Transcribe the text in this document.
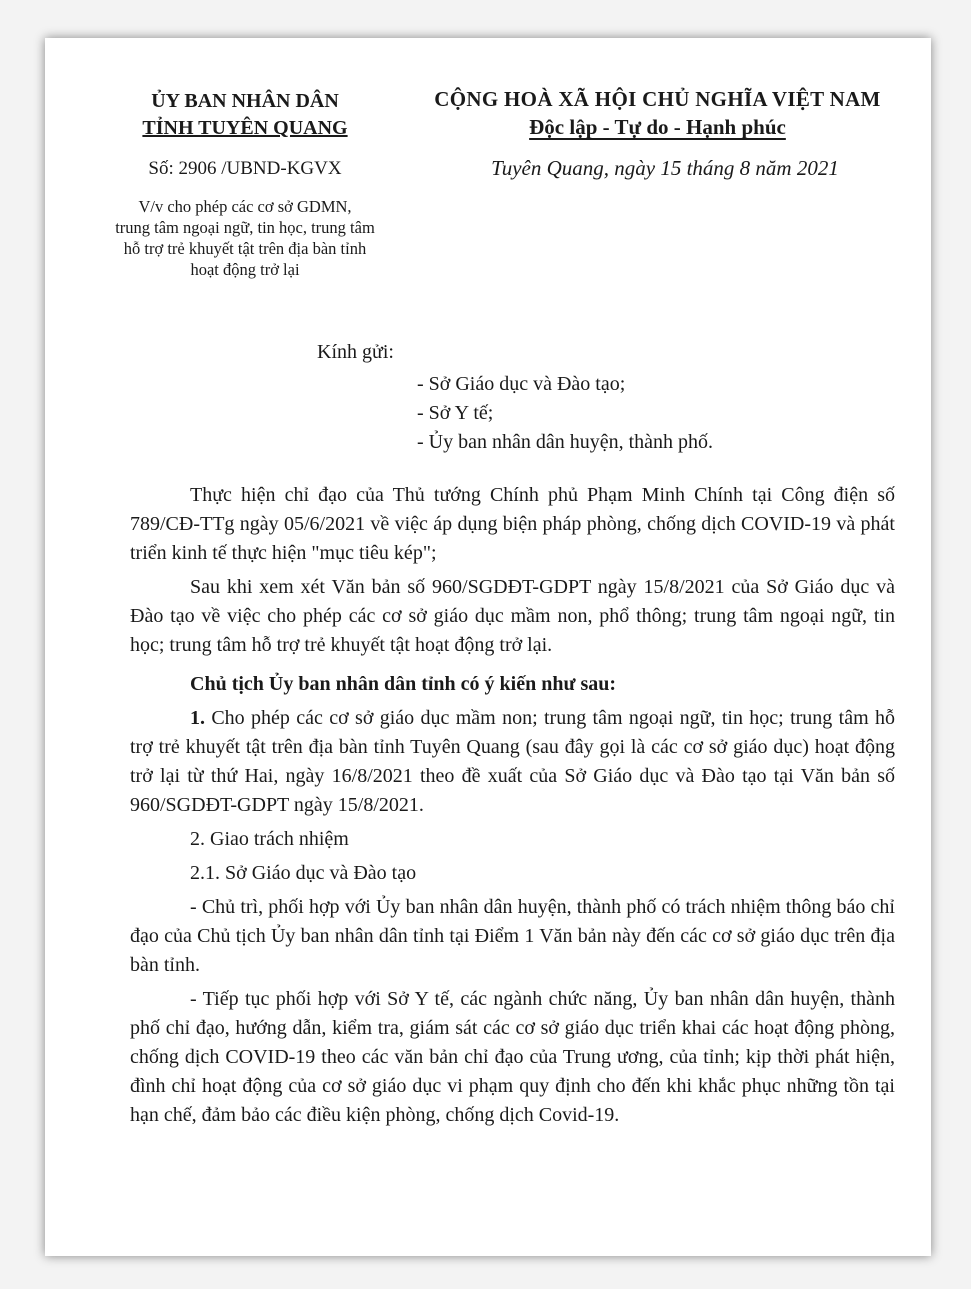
ỦY BAN NHÂN DÂN
TỈNH TUYÊN QUANG
CỘNG HOÀ XÃ HỘI CHỦ NGHĨA VIỆT NAM
Độc lập - Tự do - Hạnh phúc
Số: 2906 /UBND-KGVX	Tuyên Quang, ngày 15 tháng 8 năm 2021
V/v cho phép các cơ sở GDMN,
trung tâm ngoại ngữ, tin học, trung tâm
hỗ trợ trẻ khuyết tật trên địa bàn tỉnh
hoạt động trở lại
Kính gửi:
- Sở Giáo dục và Đào tạo;
- Sở Y tế;
- Ủy ban nhân dân huyện, thành phố.

Thực hiện chỉ đạo của Thủ tướng Chính phủ Phạm Minh Chính tại Công điện số 789/CĐ-TTg ngày 05/6/2021 về việc áp dụng biện pháp phòng, chống dịch COVID-19 và phát triển kinh tế thực hiện "mục tiêu kép";

Sau khi xem xét Văn bản số 960/SGDĐT-GDPT ngày 15/8/2021 của Sở Giáo dục và Đào tạo về việc cho phép các cơ sở giáo dục mầm non, phổ thông; trung tâm ngoại ngữ, tin học; trung tâm hỗ trợ trẻ khuyết tật hoạt động trở lại.

Chủ tịch Ủy ban nhân dân tỉnh có ý kiến như sau:

1. Cho phép các cơ sở giáo dục mầm non; trung tâm ngoại ngữ, tin học; trung tâm hỗ trợ trẻ khuyết tật trên địa bàn tỉnh Tuyên Quang (sau đây gọi là các cơ sở giáo dục) hoạt động trở lại từ thứ Hai, ngày 16/8/2021 theo đề xuất của Sở Giáo dục và Đào tạo tại Văn bản số 960/SGDĐT-GDPT ngày 15/8/2021.

2. Giao trách nhiệm

2.1. Sở Giáo dục và Đào tạo

- Chủ trì, phối hợp với Ủy ban nhân dân huyện, thành phố có trách nhiệm thông báo chỉ đạo của Chủ tịch Ủy ban nhân dân tỉnh tại Điểm 1 Văn bản này đến các cơ sở giáo dục trên địa bàn tỉnh.

- Tiếp tục phối hợp với Sở Y tế, các ngành chức năng, Ủy ban nhân dân huyện, thành phố chỉ đạo, hướng dẫn, kiểm tra, giám sát các cơ sở giáo dục triển khai các hoạt động phòng, chống dịch COVID-19 theo các văn bản chỉ đạo của Trung ương, của tỉnh; kịp thời phát hiện, đình chỉ hoạt động của cơ sở giáo dục vi phạm quy định cho đến khi khắc phục những tồn tại hạn chế, đảm bảo các điều kiện phòng, chống dịch Covid-19.
